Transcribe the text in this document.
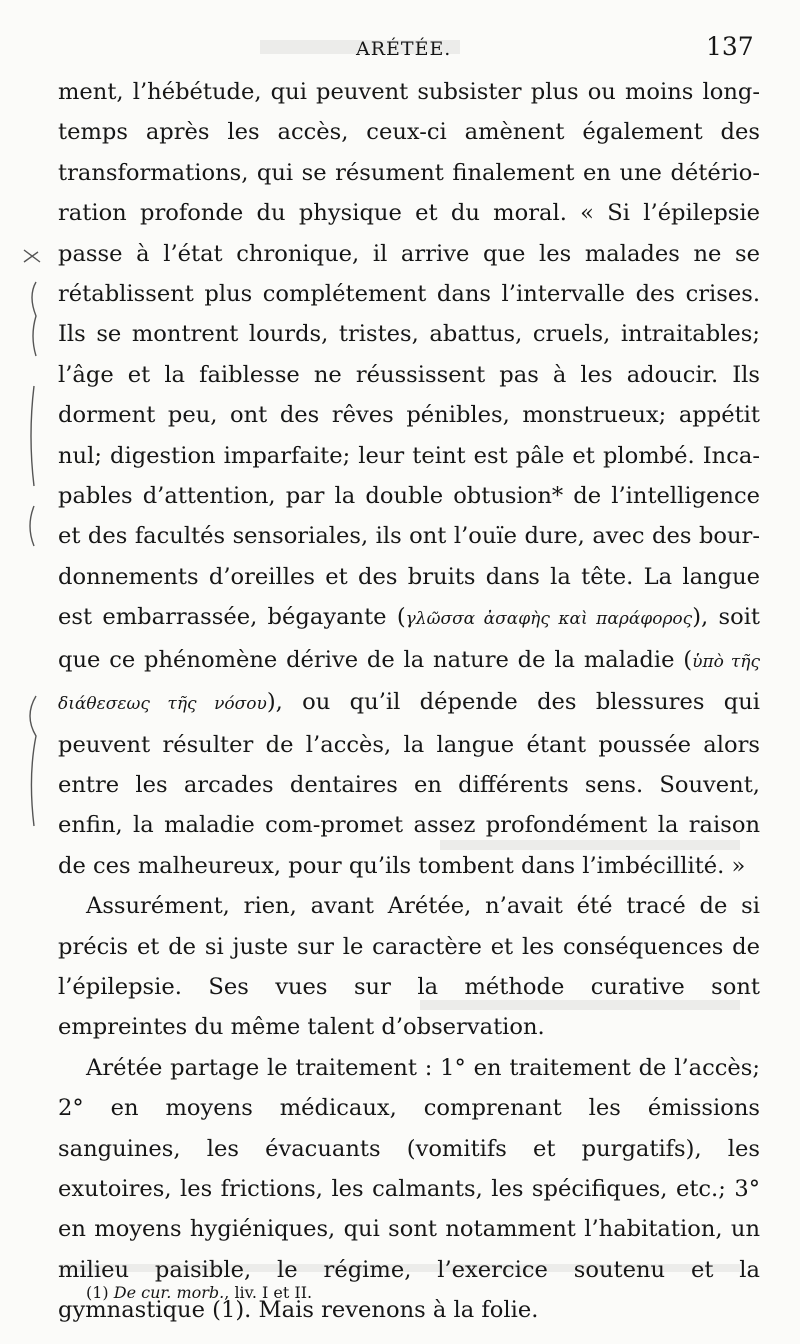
ARÉTÉE.	137

ment, l’hébétude, qui peuvent subsister plus ou moins long-temps après les accès, ceux-ci amènent également des transformations, qui se résument finalement en une détério-ration profonde du physique et du moral. « Si l’épilepsie passe à l’état chronique, il arrive que les malades ne se rétablissent plus complétement dans l’intervalle des crises. Ils se montrent lourds, tristes, abattus, cruels, intraitables; l’âge et la faiblesse ne réussissent pas à les adoucir. Ils dorment peu, ont des rêves pénibles, monstrueux; appétit nul; digestion imparfaite; leur teint est pâle et plombé. Inca-pables d’attention, par la double obtusion* de l’intelligence et des facultés sensoriales, ils ont l’ouïe dure, avec des bour-donnements d’oreilles et des bruits dans la tête. La langue est embarrassée, bégayante (γλῶσσα ἀσαφὴς καὶ παράφορος), soit que ce phénomène dérive de la nature de la maladie (ὑπὸ τῆς διάθεσεως τῆς νόσου), ou qu’il dépende des blessures qui peuvent résulter de l’accès, la langue étant poussée alors entre les arcades dentaires en différents sens. Souvent, enfin, la maladie com-promet assez profondément la raison de ces malheureux, pour qu’ils tombent dans l’imbécillité. »

Assurément, rien, avant Arétée, n’avait été tracé de si précis et de si juste sur le caractère et les conséquences de l’épilepsie. Ses vues sur la méthode curative sont empreintes du même talent d’observation.

Arétée partage le traitement : 1° en traitement de l’accès; 2° en moyens médicaux, comprenant les émissions sanguines, les évacuants (vomitifs et purgatifs), les exutoires, les frictions, les calmants, les spécifiques, etc.; 3° en moyens hygiéniques, qui sont notamment l’habitation, un milieu paisible, le régime, l’exercice soutenu et la gymnastique (1). Mais revenons à la folie.

(1) De cur. morb., liv. I et II.
